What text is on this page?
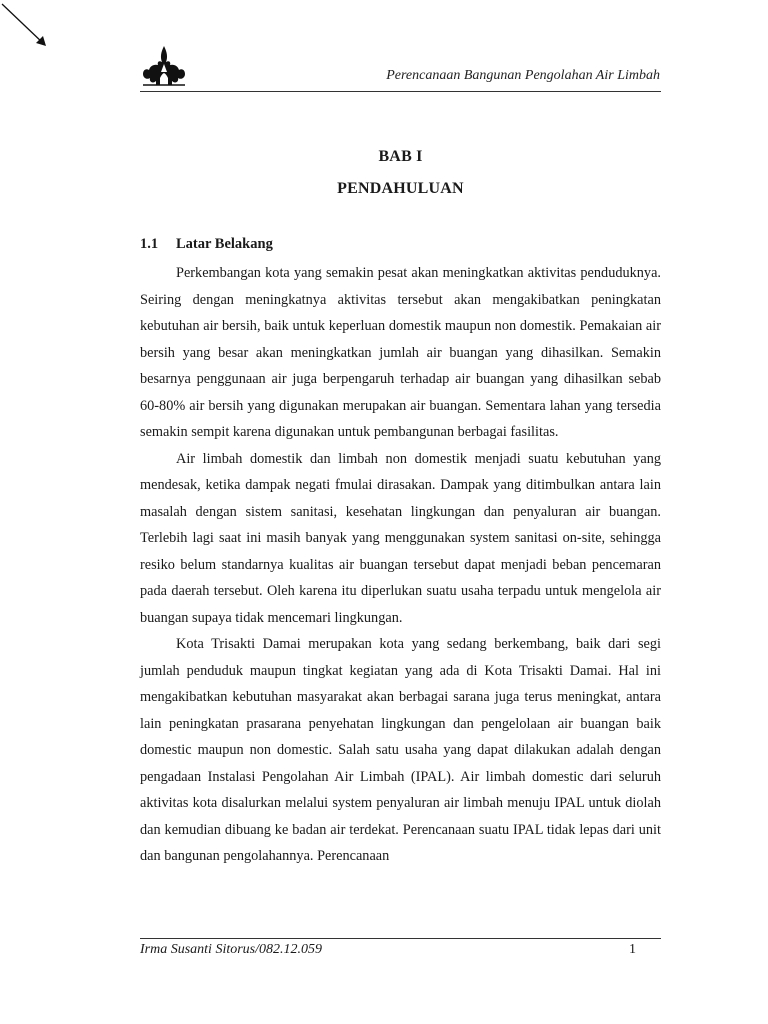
Perencanaan Bangunan Pengolahan Air Limbah
BAB I
PENDAHULUAN
1.1 Latar Belakang

Perkembangan kota yang semakin pesat akan meningkatkan aktivitas penduduknya. Seiring dengan meningkatnya aktivitas tersebut akan mengakibatkan peningkatan kebutuhan air bersih, baik untuk keperluan domestik maupun non domestik. Pemakaian air bersih yang besar akan meningkatkan jumlah air buangan yang dihasilkan. Semakin besarnya penggunaan air juga berpengaruh terhadap air buangan yang dihasilkan sebab 60-80% air bersih yang digunakan merupakan air buangan. Sementara lahan yang tersedia semakin sempit karena digunakan untuk pembangunan berbagai fasilitas.

Air limbah domestik dan limbah non domestik menjadi suatu kebutuhan yang mendesak, ketika dampak negati fmulai dirasakan. Dampak yang ditimbulkan antara lain masalah dengan sistem sanitasi, kesehatan lingkungan dan penyaluran air buangan. Terlebih lagi saat ini masih banyak yang menggunakan system sanitasi on-site, sehingga resiko belum standarnya kualitas air buangan tersebut dapat menjadi beban pencemaran pada daerah tersebut. Oleh karena itu diperlukan suatu usaha terpadu untuk mengelola air buangan supaya tidak mencemari lingkungan.

Kota Trisakti Damai merupakan kota yang sedang berkembang, baik dari segi jumlah penduduk maupun tingkat kegiatan yang ada di Kota Trisakti Damai. Hal ini mengakibatkan kebutuhan masyarakat akan berbagai sarana juga terus meningkat, antara lain peningkatan prasarana penyehatan lingkungan dan pengelolaan air buangan baik domestic maupun non domestic. Salah satu usaha yang dapat dilakukan adalah dengan pengadaan Instalasi Pengolahan Air Limbah (IPAL). Air limbah domestic dari seluruh aktivitas kota disalurkan melalui system penyaluran air limbah menuju IPAL untuk diolah dan kemudian dibuang ke badan air terdekat. Perencanaan suatu IPAL tidak lepas dari unit dan bangunan pengolahannya. Perencanaan

Irma Susanti Sitorus/082.12.059	1
